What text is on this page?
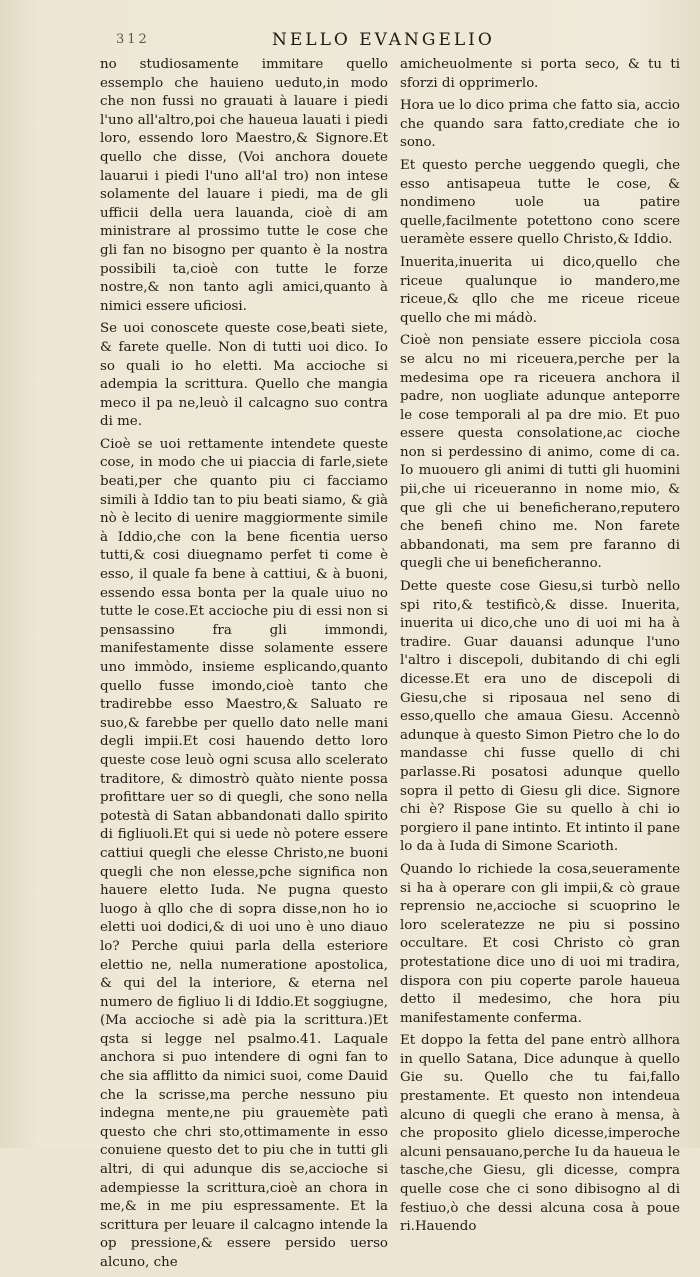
312	NELLO EVANGELIO

no studiosamente immitare quello essemplo che hauieno ueduto,in modo che non fussi no grauati à lauare i piedi l'uno all'altro,poi che haueua lauati i piedi loro, essendo loro Maestro,& Signore.Et quello che disse, (Voi anchora douete lauarui i piedi l'uno all'al tro) non intese solamente del lauare i piedi, ma de gli ufficii della uera lauanda, cioè di am ministrare al prossimo tutte le cose che gli fan no bisogno per quanto è la nostra possibili ta,cioè con tutte le forze nostre,& non tanto agli amici,quanto à nimici essere uficiosi.

Se uoi conoscete queste cose,beati siete, & farete quelle. Non di tutti uoi dico. Io so quali io ho eletti. Ma accioche si adempia la scrittura. Quello che mangia meco il pa ne,leuò il calcagno suo contra di me.

Cioè se uoi rettamente intendete queste cose, in modo che ui piaccia di farle,siete beati,per che quanto piu ci facciamo simili à Iddio tan to piu beati siamo, & già nò è lecito di uenire maggiormente simile à Iddio,che con la bene ficentia uerso tutti,& cosi diuegnamo perfet ti come è esso, il quale fa bene à cattiui, & à buoni, essendo essa bonta per la quale uiuo no tutte le cose.Et accioche piu di essi non si pensassino fra gli immondi, manifestamente disse solamente essere uno immòdo, insieme esplicando,quanto quello fusse imondo,cioè tanto che tradirebbe esso Maestro,& Saluato re suo,& farebbe per quello dato nelle mani degli impii.Et cosi hauendo detto loro queste cose leuò ogni scusa allo scelerato traditore, & dimostrò quàto niente possa profittare uer so di quegli, che sono nella potestà di Satan abbandonati dallo spirito di figliuoli.Et qui si uede nò potere essere cattiui quegli che elesse Christo,ne buoni quegli che non elesse,pche significa non hauere eletto Iuda. Ne pugna questo luogo à qllo che di sopra disse,non ho io eletti uoi dodici,& di uoi uno è uno diauo lo? Perche quiui parla della esteriore elettio ne, nella numeratione apostolica, & qui del la interiore, & eterna nel numero de figliuo li di Iddio.Et soggiugne,(Ma accioche si adè pia la scrittura.)Et qsta si legge nel psalmo.41. Laquale anchora si puo intendere di ogni fan to che sia afflitto da nimici suoi, come Dauid che la scrisse,ma perche nessuno piu indegna mente,ne piu grauemète patì questo che chri sto,ottimamente in esso conuiene questo det to piu che in tutti gli altri, di qui adunque dis se,accioche si adempiesse la scrittura,cioè an chora in me,& in me piu espressamente. Et la scrittura per leuare il calcagno intende la op pressione,& essere persido uerso alcuno, che

amicheuolmente si porta seco, & tu ti sforzi di opprimerlo.

Hora ue lo dico prima che fatto sia, accio che quando sara fatto,crediate che io sono.

Et questo perche ueggendo quegli, che esso antisapeua tutte le cose, & nondimeno uole ua patire quelle,facilmente potettono cono scere ueramète essere quello Christo,& Iddio.

Inuerita,inuerita ui dico,quello che riceue qualunque io mandero,me riceue,& qllo che me riceue riceue quello che mi mádò.

Cioè non pensiate essere picciola cosa se alcu no mi riceuera,perche per la medesima ope ra riceuera anchora il padre, non uogliate adunque anteporre le cose temporali al pa dre mio. Et puo essere questa consolatione,ac cioche non si perdessino di animo, come di ca. Io muouero gli animi di tutti gli huomini pii,che ui riceueranno in nome mio, & que gli che ui beneficherano,reputero che benefi chino me. Non farete abbandonati, ma sem pre faranno di quegli che ui beneficheranno.

Dette queste cose Giesu,si turbò nello spi rito,& testificò,& disse. Inuerita, inuerita ui dico,che uno di uoi mi ha à tradire. Guar dauansi adunque l'uno l'altro i discepoli, dubitando di chi egli dicesse.Et era uno de discepoli di Giesu,che si riposaua nel seno di esso,quello che amaua Giesu. Accennò adunque à questo Simon Pietro che lo do mandasse chi fusse quello di chi parlasse.Ri posatosi adunque quello sopra il petto di Giesu gli dice. Signore chi è? Rispose Gie su quello à chi io porgiero il pane intinto. Et intinto il pane lo da à Iuda di Simone Scarioth.

Quando lo richiede la cosa,seueramente si ha à operare con gli impii,& cò graue reprensio ne,accioche si scuoprino le loro sceleratezze ne piu si possino occultare. Et cosi Christo cò gran protestatione dice uno di uoi mi tradira, dispora con piu coperte parole haueua detto il medesimo, che hora piu manifestamente conferma.

Et doppo la fetta del pane entrò allhora in quello Satana, Dice adunque à quello Gie su. Quello che tu fai,fallo prestamente. Et questo non intendeua alcuno di quegli che erano à mensa, à che proposito glielo dicesse,imperoche alcuni pensauano,perche Iu da haueua le tasche,che Giesu, gli dicesse, compra quelle cose che ci sono dibisogno al di festiuo,ò che dessi alcuna cosa à poue ri.Hauendo
